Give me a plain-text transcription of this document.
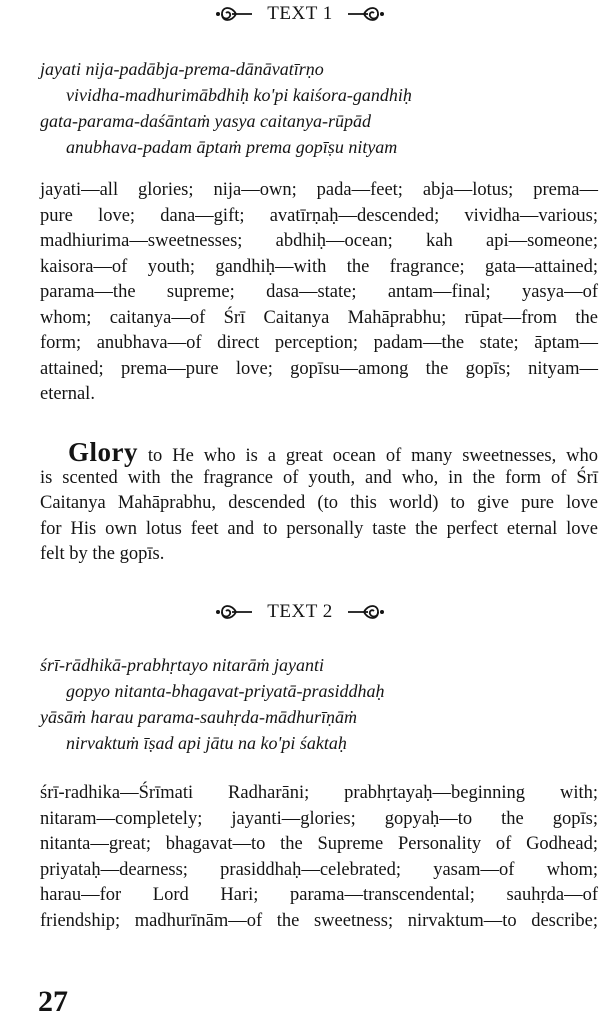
TEXT 1
jayati nija-padābja-prema-dānāvatīrṇo
vividha-madhurimābdhiḥ ko'pi kaiśora-gandhiḥ
gata-parama-daśāntaṁ yasya caitanya-rūpād
anubhava-padam āptaṁ prema gopīṣu nityam
jayati—all glories; nija—own; pada—feet; abja—lotus; prema—
pure love; dana—gift; avatīrṇaḥ—descended; vividha—various;
madhiurima—sweetnesses; abdhiḥ—ocean; kah api—someone;
kaisora—of youth; gandhiḥ—with the fragrance; gata—attained;
parama—the supreme; dasa—state; antam—final; yasya—of
whom; caitanya—of Śrī Caitanya Mahāprabhu; rūpat—from the
form; anubhava—of direct perception; padam—the state; āptam—
attained; prema—pure love; gopīsu—among the gopīs; nityam—
eternal.
Glory to He who is a great ocean of many sweetnesses, who
is scented with the fragrance of youth, and who, in the form of Śrī
Caitanya Mahāprabhu, descended (to this world) to give pure love
for His own lotus feet and to personally taste the perfect eternal love
felt by the gopīs.
TEXT 2
śrī-rādhikā-prabhṛtayo nitarāṁ jayanti
gopyo nitanta-bhagavat-priyatā-prasiddhaḥ
yāsāṁ harau parama-sauhṛda-mādhurīṇāṁ
nirvaktuṁ īṣad api jātu na ko'pi śaktaḥ
śrī-radhika—Śrīmati Radharāni; prabhṛtayaḥ—beginning with;
nitaram—completely; jayanti—glories; gopyaḥ—to the gopīs;
nitanta—great; bhagavat—to the Supreme Personality of Godhead;
priyataḥ—dearness; prasiddhaḥ—celebrated; yasam—of whom;
harau—for Lord Hari; parama—transcendental; sauhṛda—of
friendship; madhurīnām—of the sweetness; nirvaktum—to describe;
27
